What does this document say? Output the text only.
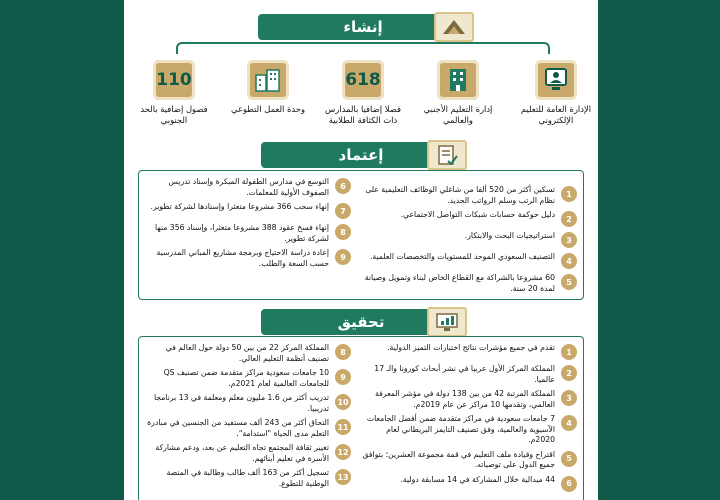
إنشاء
الإدارة العامة للتعليم الإلكتروني
إدارة التعليم الأجنبي والعالمي
618
فصلا إضافيا بالمدارس ذات الكثافة الطلابية
وحدة العمل التطوعي
110
فصول إضافية بالحد الجنوبي
إعتماد
1
تسكين أكثر من 520 ألفا من شاغلي الوظائف التعليمية على نظام الرتب وسلم الرواتب الجديد.
2
دليل حوكمة حسابات شبكات التواصل الاجتماعي.
3
استراتيجيات البحث والابتكار.
4
التصنيف السعودي الموحد للمستويات والتخصصات العلمية.
5
60 مشروعا بالشراكة مع القطاع الخاص لبناء وتمويل وصيانة لمدة 20 سنة.
6
التوسع في مدارس الطفولة المبكرة وإسناد تدريس الصفوف الأولية للمعلمات.
7
إنهاء سحب 366 مشروعا متعثرا وإسنادها لشركة تطوير.
8
إنهاء فسخ عقود 388 مشروعا متعثرا، وإسناد 356 منها لشركة تطوير.
9
إعادة دراسة الاحتياج وبرمجة مشاريع المباني المدرسية حسب السعة والطلب.
تحقيق
1
تقدم في جميع مؤشرات نتائج اختبارات التميز الدولية.
2
المملكة المركز الأول عربيا في نشر أبحاث كورونا والـ 17 عالميا.
3
المملكة المرتبة 42 من بين 138 دولة في مؤشر المعرفة العالمي، وتقدمها 10 مراكز عن عام 2019م.
4
7 جامعات سعودية في مراكز متقدمة ضمن أفضل الجامعات الآسيوية والعالمية، وفق تصنيف التايمز البريطاني لعام 2020م.
5
اقتراح وقيادة ملف التعليم في قمة مجموعة العشرين؛ بتوافق جميع الدول على توصياته.
6
44 ميدالية خلال المشاركة في 14 مسابقة دولية.
8
المملكة المركز 22 من بين 50 دولة حول العالم في تصنيف أنظمة التعليم العالي.
9
10 جامعات سعودية مراكز متقدمة ضمن تصنيف QS للجامعات العالمية لعام 2021م.
10
تدريب أكثر من 1.6 مليون معلم ومعلمة في 13 برنامجا تدريبيا.
11
التحاق أكثر من 243 ألف مستفيد من الجنسين في مبادرة التعلم مدى الحياة "استدامة".
12
تغيير ثقافة المجتمع تجاه التعليم عن بعد، ودعم مشاركة الأسرة في تعليم أبنائهم.
13
تسجيل أكثر من 163 ألف طالب وطالبة في المنصة الوطنية للتطوع.
